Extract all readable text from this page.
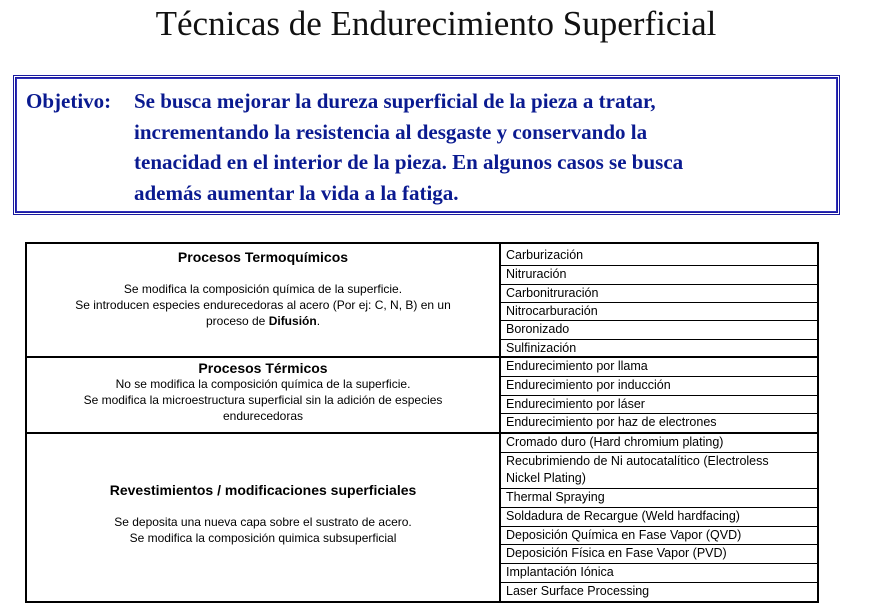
Técnicas de Endurecimiento Superficial
Objetivo: Se busca mejorar la dureza superficial de la pieza a tratar,
incrementando la resistencia al desgaste y conservando la
tenacidad en el interior de la pieza. En algunos casos se busca
además aumentar la vida a la fatiga.
Procesos Termoquímicos
Se modifica la composición química de la superficie.
Se introducen especies endurecedoras al acero (Por ej: C, N, B) en un
proceso de Difusión.
Carburización
Nitruración
Carbonitruración
Nitrocarburación
Boronizado
Sulfinización
Procesos Térmicos
No se modifica la composición química de la superficie.
Se modifica la microestructura superficial sin la adición de especies
endurecedoras
Endurecimiento por llama
Endurecimiento por inducción
Endurecimiento por láser
Endurecimiento por haz de electrones
Revestimientos / modificaciones superficiales
Se deposita una nueva capa sobre el sustrato de acero.
Se modifica la composición quimica subsuperficial
Cromado duro (Hard chromium plating)
Recubrimiendo de Ni autocatalítico (Electroless
Nickel Plating)
Thermal Spraying
Soldadura de Recargue (Weld hardfacing)
Deposición Química en Fase Vapor (QVD)
Deposición Física en Fase Vapor (PVD)
Implantación Iónica
Laser Surface Processing
